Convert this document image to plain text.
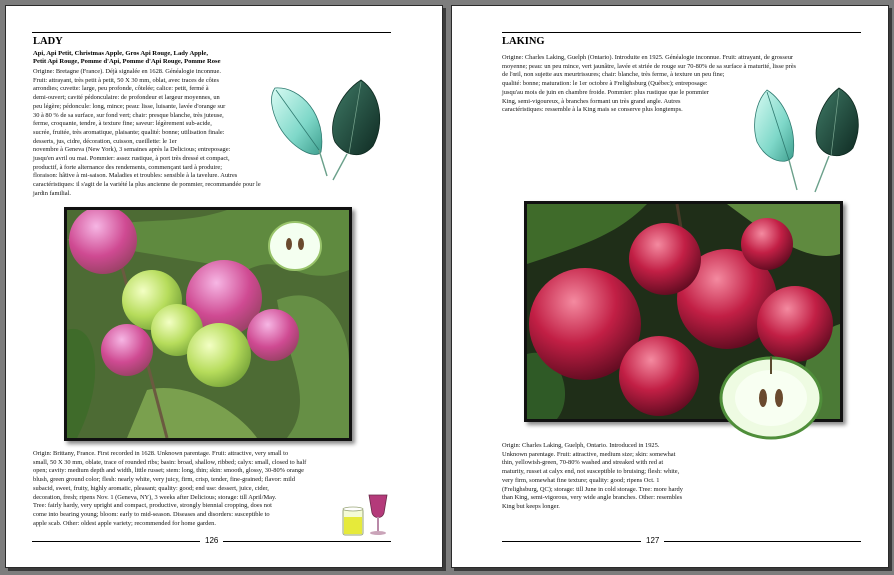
LADY
Api, Api Petit, Christmas Apple, Gros Api Rouge, Lady Apple,
Petit Api Rouge, Pomme d'Api, Pomme d'Api Rouge, Pomme Rose
Origine: Bretagne (France). Déjà signalée en 1628. Généalogie inconnue.
Fruit: attrayant, très petit à petit, 50 X 30 mm, oblat, avec traces de côtes
arrondies; cuvette: large, peu profonde, côtelée; calice: petit, fermé à
demi-ouvert; cavité pédonculaire: de profondeur et largeur moyennes, un
peu légère; pédoncule: long, mince; peau: lisse, luisante, lavée d'orange sur
30 à 80 % de sa surface, sur fond vert; chair: presque blanche, très juteuse,
ferme, croquante, tendre, à texture fine; saveur: légèrement sub-acide,
sucrée, fruitée, très aromatique, plaisante; qualité: bonne; utilisation finale:
desserts, jus, cidre, décoration, cuisson, cueillette: le 1er
novembre à Geneva (New York), 3 semaines après la Delicious; entreposage:
jusqu'en avril ou mai. Pommier: assez rustique, à port très dressé et compact,
productif, à forte alternance des rendements, commençant tard à produire;
floraison: hâtive à mi-saison. Maladies et troubles: sensible à la tavelure. Autres
caractéristiques: il s'agit de la variété la plus ancienne de pommier, recommandée pour le
jardin familial.
Origin: Brittany, France. First recorded in 1628. Unknown parentage. Fruit: attractive, very small to
small, 50 X 30 mm, oblate, trace of rounded ribs; basin: broad, shallow, ribbed; calyx: small, closed to half
open; cavity: medium depth and width, little russet; stem: long, thin; skin: smooth, glossy, 30-80% orange
blush, green ground color; flesh: nearly white, very juicy, firm, crisp, tender, fine-grained; flavor: mild
subacid, sweet, fruity, highly aromatic, pleasant; quality: good; end use: dessert, juice, cider,
decoration, fresh; ripens Nov. 1 (Geneva, NY), 3 weeks after Delicious; storage: till April/May.
Tree: fairly hardy, very upright and compact, productive, strongly biennial cropping, does not
come into bearing young; bloom: early to mid-season. Diseases and disorders: susceptible to
apple scab. Other: oldest apple variety; recommended for home garden.
126
LAKING
Origine: Charles Laking, Guelph (Ontario). Introduite en 1925. Généalogie inconnue. Fruit: attrayant, de grosseur
moyenne; peau: un peu mince, vert jaunâtre, lavée et striée de rouge sur 70-80% de sa surface à maturité, lisse près
de l'œil, non sujette aux meurtrissures; chair: blanche, très ferme, à texture un peu fine;
qualité: bonne; maturation: le 1er octobre à Frelighsburg (Québec); entreposage:
jusqu'au mois de juin en chambre froide. Pommier: plus rustique que le pommier
King, semi-vigoureux, à branches formant un très grand angle. Autres
caractéristiques: ressemble à la King mais se conserve plus longtemps.
Origin: Charles Laking, Guelph, Ontario. Introduced in 1925.
Unknown parentage. Fruit: attractive, medium size; skin: somewhat
thin, yellowish-green, 70-80% washed and streaked with red at
maturity, russet at calyx end, not susceptible to bruising; flesh: white,
very firm, somewhat fine texture; quality: good; ripens Oct. 1
(Frelighsburg, QC); storage: till June in cold storage. Tree: more hardy
than King, semi-vigorous, very wide angle branches. Other: resembles
King but keeps longer.
127
